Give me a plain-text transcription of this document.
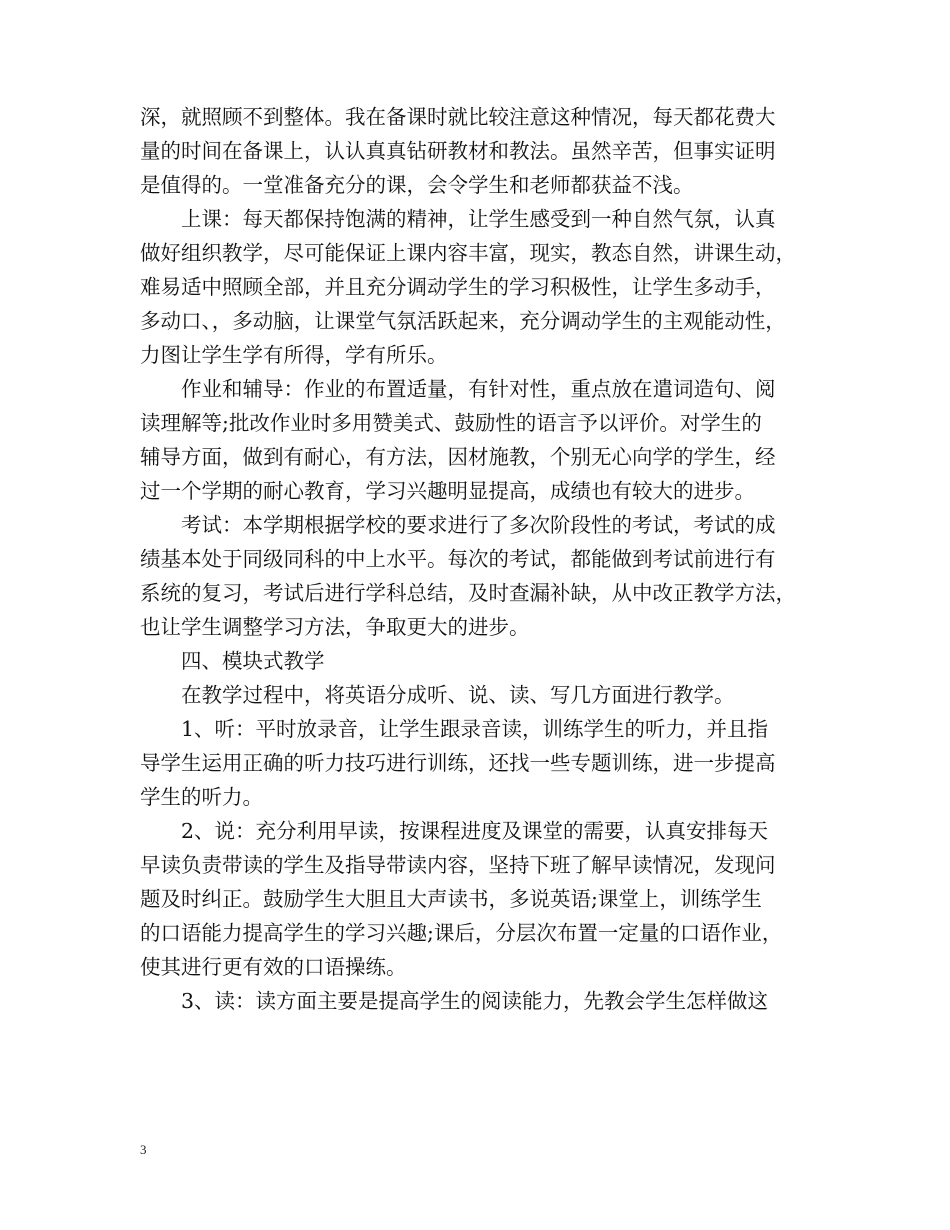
深，就照顾不到整体。我在备课时就比较注意这种情况，每天都花费大
量的时间在备课上，认认真真钻研教材和教法。虽然辛苦，但事实证明
是值得的。一堂准备充分的课，会令学生和老师都获益不浅。
上课：每天都保持饱满的精神，让学生感受到一种自然气氛，认真
做好组织教学，尽可能保证上课内容丰富，现实，教态自然，讲课生动，
难易适中照顾全部，并且充分调动学生的学习积极性，让学生多动手，
多动口、，多动脑，让课堂气氛活跃起来，充分调动学生的主观能动性，
力图让学生学有所得，学有所乐。
作业和辅导：作业的布置适量，有针对性，重点放在遣词造句、阅
读理解等;批改作业时多用赞美式、鼓励性的语言予以评价。对学生的
辅导方面，做到有耐心，有方法，因材施教，个别无心向学的学生，经
过一个学期的耐心教育，学习兴趣明显提高，成绩也有较大的进步。
考试：本学期根据学校的要求进行了多次阶段性的考试，考试的成
绩基本处于同级同科的中上水平。每次的考试，都能做到考试前进行有
系统的复习，考试后进行学科总结，及时查漏补缺，从中改正教学方法，
也让学生调整学习方法，争取更大的进步。
四、模块式教学
在教学过程中，将英语分成听、说、读、写几方面进行教学。
1、听：平时放录音，让学生跟录音读，训练学生的听力，并且指
导学生运用正确的听力技巧进行训练，还找一些专题训练，进一步提高
学生的听力。
2、说：充分利用早读，按课程进度及课堂的需要，认真安排每天
早读负责带读的学生及指导带读内容，坚持下班了解早读情况，发现问
题及时纠正。鼓励学生大胆且大声读书，多说英语;课堂上，训练学生
的口语能力提高学生的学习兴趣;课后，分层次布置一定量的口语作业，
使其进行更有效的口语操练。
3、读：读方面主要是提高学生的阅读能力，先教会学生怎样做这
3
